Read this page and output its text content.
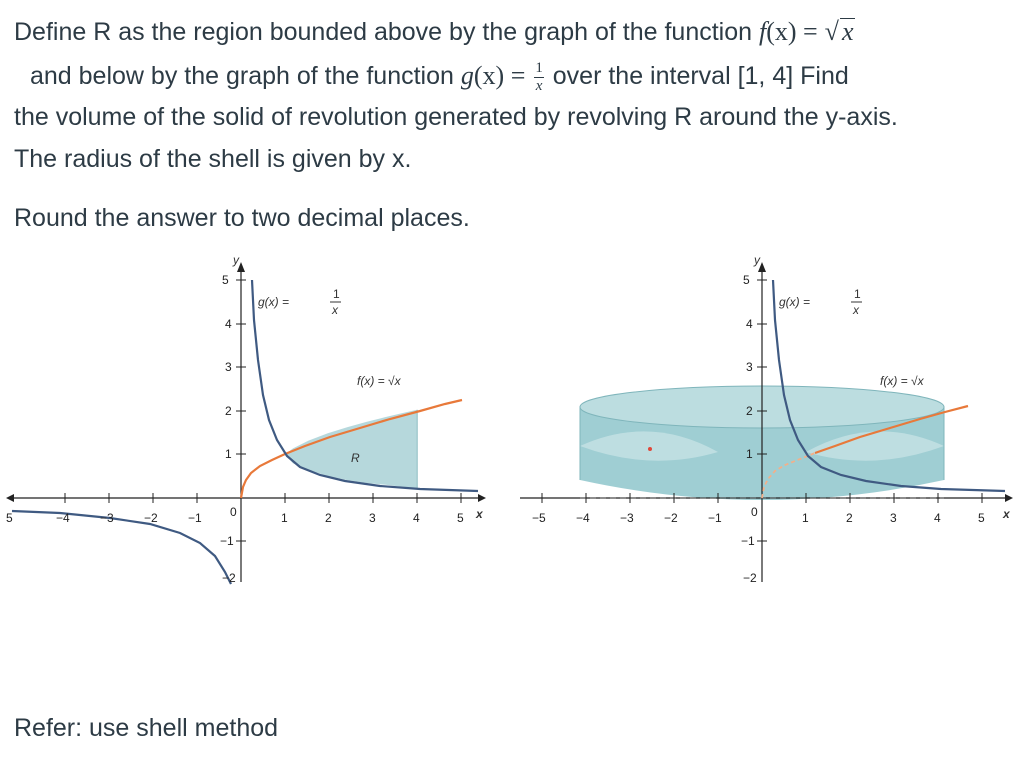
Define R as the region bounded above by the graph of the function f(x) = √ x
and below by the graph of the function $g(x) = \frac{1}{x}$ over the interval [1, 4] Find
the volume of the solid of revolution generated by revolving R around the y-axis.
The radius of the shell is given by x.
Round the answer to two decimal places.
Refer: use shell method
y
x
5
4
3
2
1
−1
−2
0
5	−4	−3	−2	−1	1	2	3	4	5
g(x) =
1
x
f(x) = √x
R
y
x
5
4
3
2
1
−1
−2
0
−5	−4	−3	−2	−1	1	2	3	4	5
g(x) =
1
x
f(x) = √x
